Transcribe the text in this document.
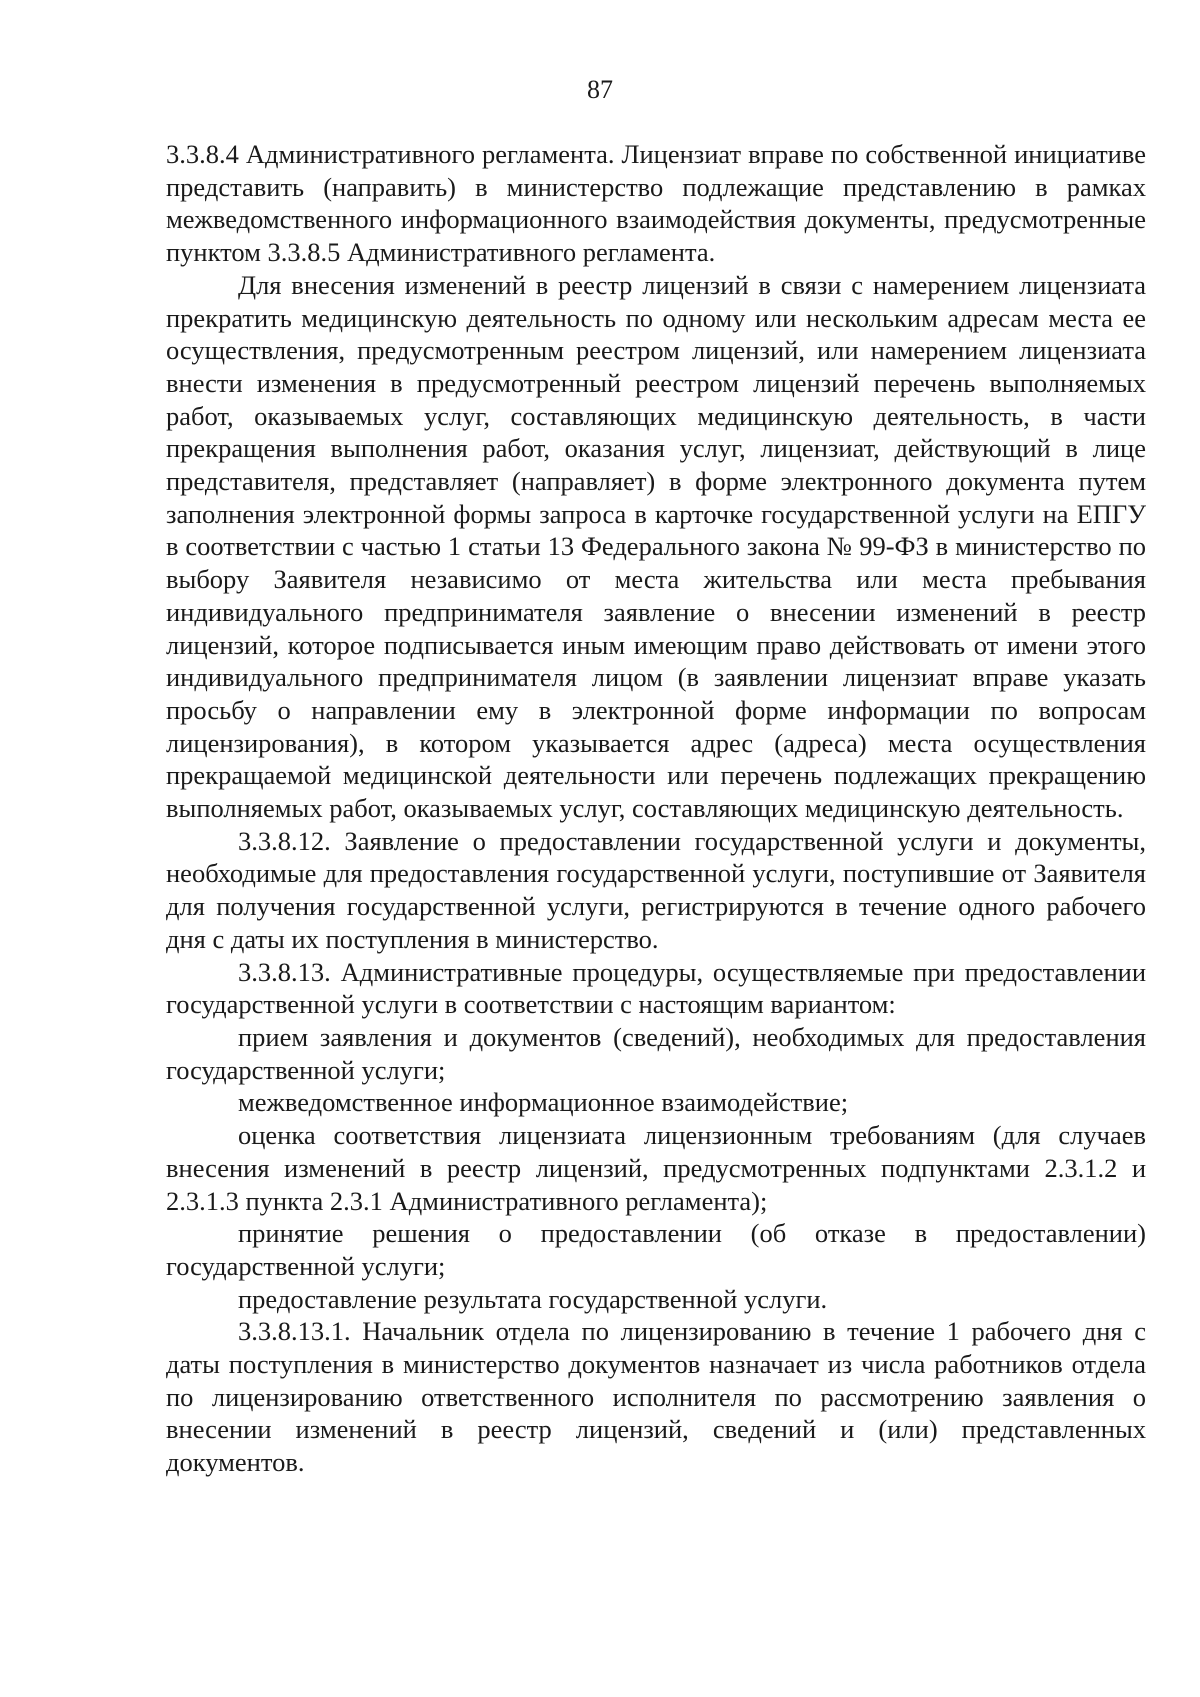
87

3.3.8.4 Административного регламента. Лицензиат вправе по собственной инициативе представить (направить) в министерство подлежащие представлению в рамках межведомственного информационного взаимодействия документы, предусмотренные пунктом 3.3.8.5 Административного регламента.

Для внесения изменений в реестр лицензий в связи с намерением лицензиата прекратить медицинскую деятельность по одному или нескольким адресам места ее осуществления, предусмотренным реестром лицензий, или намерением лицензиата внести изменения в предусмотренный реестром лицензий перечень выполняемых работ, оказываемых услуг, составляющих медицинскую деятельность, в части прекращения выполнения работ, оказания услуг, лицензиат, действующий в лице представителя, представляет (направляет) в форме электронного документа путем заполнения электронной формы запроса в карточке государственной услуги на ЕПГУ в соответствии с частью 1 статьи 13 Федерального закона № 99-ФЗ в министерство по выбору Заявителя независимо от места жительства или места пребывания индивидуального предпринимателя заявление о внесении изменений в реестр лицензий, которое подписывается иным имеющим право действовать от имени этого индивидуального предпринимателя лицом (в заявлении лицензиат вправе указать просьбу о направлении ему в электронной форме информации по вопросам лицензирования), в котором указывается адрес (адреса) места осуществления прекращаемой медицинской деятельности или перечень подлежащих прекращению выполняемых работ, оказываемых услуг, составляющих медицинскую деятельность.

3.3.8.12. Заявление о предоставлении государственной услуги и документы, необходимые для предоставления государственной услуги, поступившие от Заявителя для получения государственной услуги, регистрируются в течение одного рабочего дня с даты их поступления в министерство.

3.3.8.13. Административные процедуры, осуществляемые при предоставлении государственной услуги в соответствии с настоящим вариантом:

прием заявления и документов (сведений), необходимых для предоставления государственной услуги;

межведомственное информационное взаимодействие;

оценка соответствия лицензиата лицензионным требованиям (для случаев внесения изменений в реестр лицензий, предусмотренных подпунктами 2.3.1.2 и 2.3.1.3 пункта 2.3.1 Административного регламента);

принятие решения о предоставлении (об отказе в предоставлении) государственной услуги;

предоставление результата государственной услуги.

3.3.8.13.1. Начальник отдела по лицензированию в течение 1 рабочего дня с даты поступления в министерство документов назначает из числа работников отдела по лицензированию ответственного исполнителя по рассмотрению заявления о внесении изменений в реестр лицензий, сведений и (или) представленных документов.
